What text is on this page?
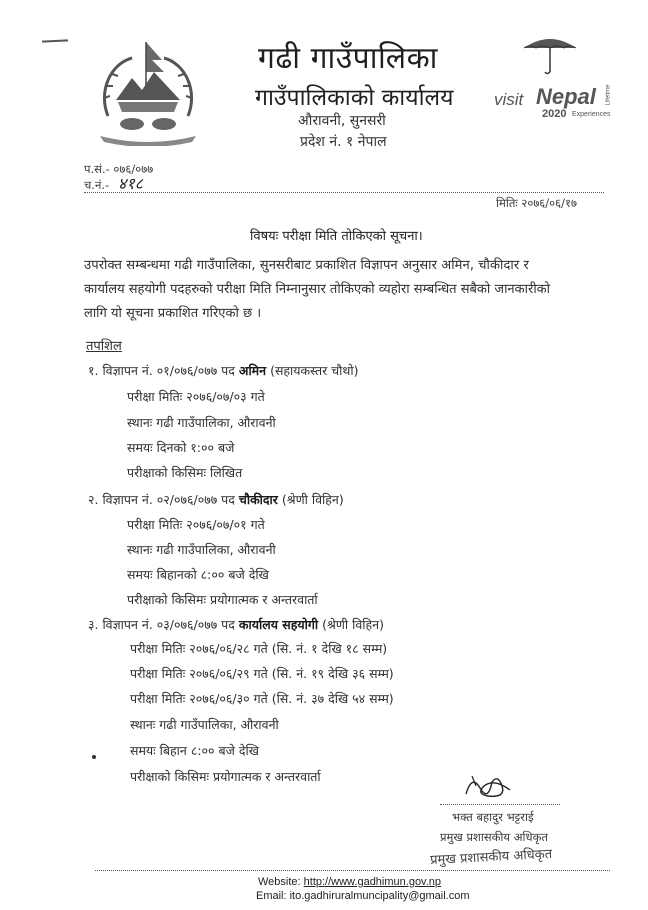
गढी गाउँपालिका
गाउँपालिकाको कार्यालय
औरावनी, सुनसरी
प्रदेश नं. १ नेपाल
visit Nepal
2020
Lifetime
Experiences
प.सं.- ०७६/०७७
च.नं.- ४१८
मितिः २०७६/०६/१७
विषयः परीक्षा मिति तोकिएको सूचना।
उपरोक्त सम्बन्धमा गढी गाउँपालिका, सुनसरीबाट प्रकाशित विज्ञापन अनुसार अमिन, चौकीदार र
कार्यालय सहयोगी पदहरुको परीक्षा मिति निम्नानुसार तोकिएको व्यहोरा सम्बन्धित सबैको जानकारीको
लागि यो सूचना प्रकाशित गरिएको छ ।
तपशिल
१. विज्ञापन नं. ०१/०७६/०७७ पद अमिन (सहायकस्तर चौथो)
परीक्षा मितिः २०७६/०७/०३ गते
स्थानः गढी गाउँपालिका, औरावनी
समयः दिनको १:०० बजे
परीक्षाको किसिमः लिखित
२. विज्ञापन नं. ०२/०७६/०७७ पद चौकीदार (श्रेणी विहिन)
परीक्षा मितिः २०७६/०७/०१ गते
स्थानः गढी गाउँपालिका, औरावनी
समयः बिहानको ८:०० बजे देखि
परीक्षाको किसिमः प्रयोगात्मक र अन्तरवार्ता
३. विज्ञापन नं. ०३/०७६/०७७ पद कार्यालय सहयोगी (श्रेणी विहिन)
परीक्षा मितिः २०७६/०६/२८ गते (सि. नं. १ देखि १८ सम्म)
परीक्षा मितिः २०७६/०६/२९ गते (सि. नं. १९ देखि ३६ सम्म)
परीक्षा मितिः २०७६/०६/३० गते (सि. नं. ३७ देखि ५४ सम्म)
स्थानः गढी गाउँपालिका, औरावनी
समयः बिहान ८:०० बजे देखि
परीक्षाको किसिमः प्रयोगात्मक र अन्तरवार्ता
भक्त बहादुर भट्टराई
प्रमुख प्रशासकीय अधिकृत
प्रमुख प्रशासकीय अधिकृत
Website: http://www.gadhimun.gov.np
Email: ito.gadhiruralmuncipality@gmail.com
